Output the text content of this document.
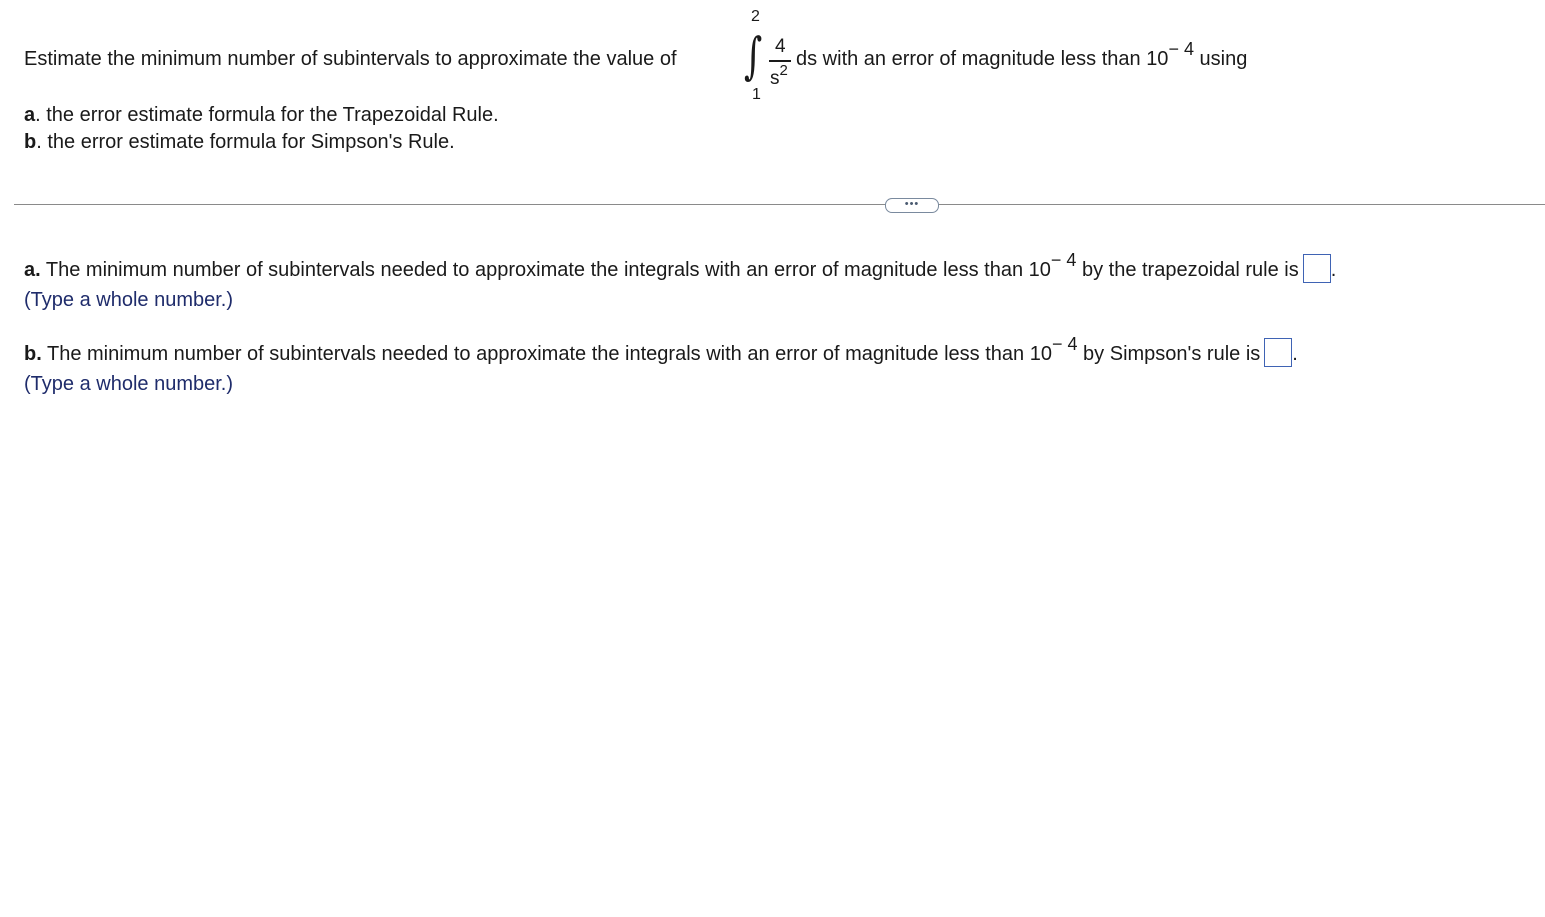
Estimate the minimum number of subintervals to approximate the value of
2
∫
1
4
$s^2$
ds with an error of magnitude less than $10^{- 4}$ using
a. the error estimate formula for the Trapezoidal Rule.
b. the error estimate formula for Simpson's Rule.
•••
a. The minimum number of subintervals needed to approximate the integrals with an error of magnitude less than $10^{- 4}$ by the trapezoidal rule is .
(Type a whole number.)
b. The minimum number of subintervals needed to approximate the integrals with an error of magnitude less than $10^{- 4}$ by Simpson's rule is .
(Type a whole number.)
